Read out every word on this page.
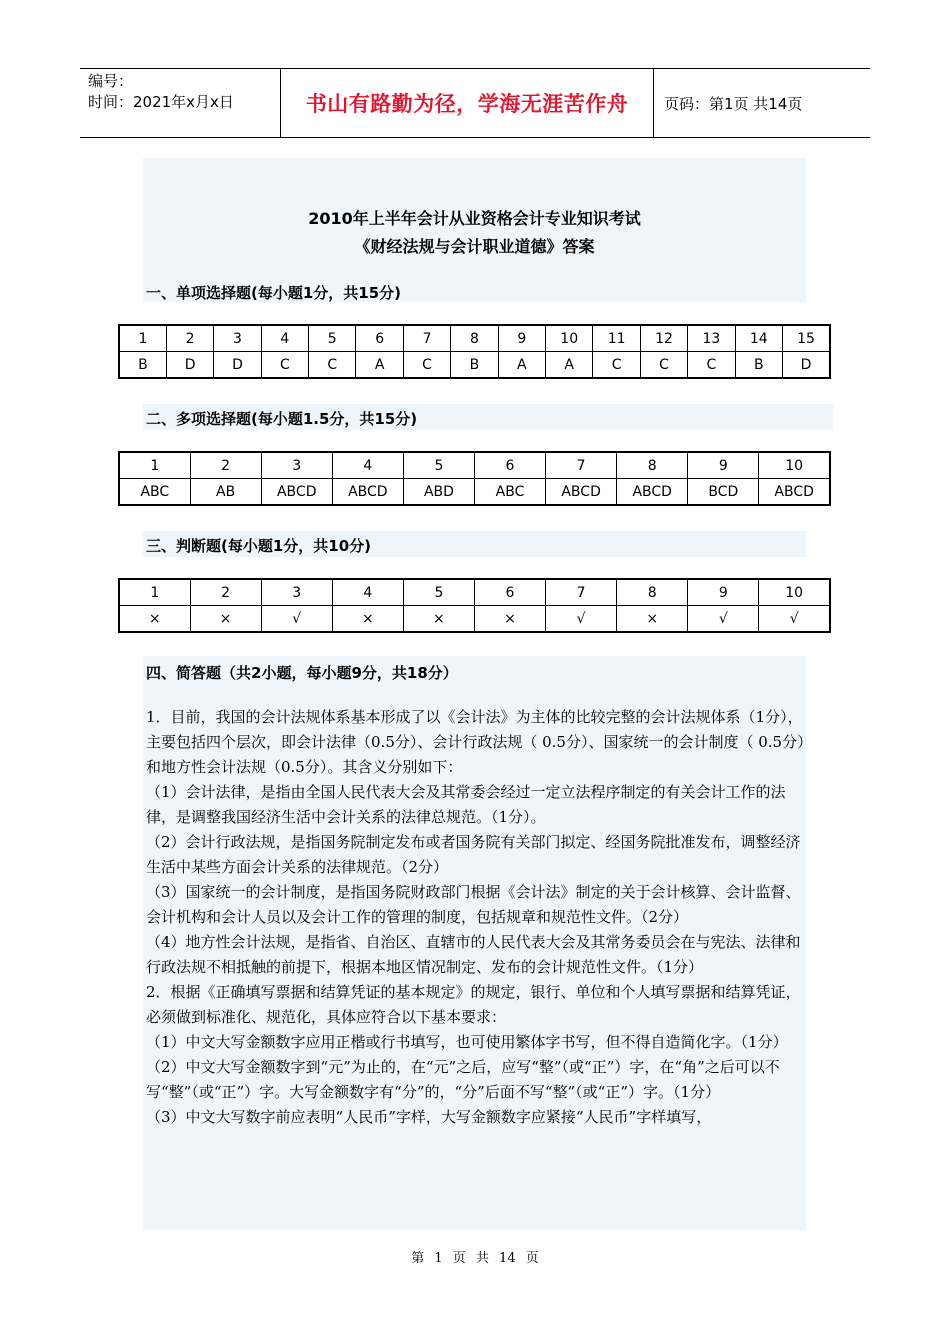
编号：
时间：2021年x月x日	书山有路勤为径，学海无涯苦作舟	页码：第1页 共14页
2010年上半年会计从业资格会计专业知识考试
《财经法规与会计职业道德》答案
一、单项选择题(每小题1分，共15分)
1	2	3	4	5	6	7	8	9	10	11	12	13	14	15
B	D	D	C	C	A	C	B	A	A	C	C	C	B	D
二、多项选择题(每小题1.5分，共15分)
1	2	3	4	5	6	7	8	9	10
ABC	AB	ABCD	ABCD	ABD	ABC	ABCD	ABCD	BCD	ABCD
三、判断题(每小题1分，共10分)
1	2	3	4	5	6	7	8	9	10
×	×	√	×	×	×	√	×	√	√
四、简答题（共2小题，每小题9分，共18分）

1．目前，我国的会计法规体系基本形成了以《会计法》为主体的比较完整的会计法规体系（1分），主要包括四个层次，即会计法律（0.5分）、会计行政法规（ 0.5分）、国家统一的会计制度（ 0.5分）和地方性会计法规（0.5分）。其含义分别如下：

（1）会计法律，是指由全国人民代表大会及其常委会经过一定立法程序制定的有关会计工作的法律，是调整我国经济生活中会计关系的法律总规范。（1分）。

（2）会计行政法规，是指国务院制定发布或者国务院有关部门拟定、经国务院批准发布，调整经济生活中某些方面会计关系的法律规范。（2分）

（3）国家统一的会计制度，是指国务院财政部门根据《会计法》制定的关于会计核算、会计监督、会计机构和会计人员以及会计工作的管理的制度，包括规章和规范性文件。（2分）

（4）地方性会计法规，是指省、自治区、直辖市的人民代表大会及其常务委员会在与宪法、法律和行政法规不相抵触的前提下，根据本地区情况制定、发布的会计规范性文件。（1分）

2．根据《正确填写票据和结算凭证的基本规定》的规定，银行、单位和个人填写票据和结算凭证，必须做到标准化、规范化，具体应符合以下基本要求：

（1）中文大写金额数字应用正楷或行书填写，也可使用繁体字书写，但不得自造简化字。（1分）

（2）中文大写金额数字到“元”为止的，在“元”之后，应写“整”（或“正”）字，在“角”之后可以不写“整”（或“正”）字。大写金额数字有“分”的，“分”后面不写“整”（或“正”）字。（1分）

（3）中文大写数字前应表明“人民币”字样，大写金额数字应紧接“人民币”字样填写，

第 1 页 共 14 页
